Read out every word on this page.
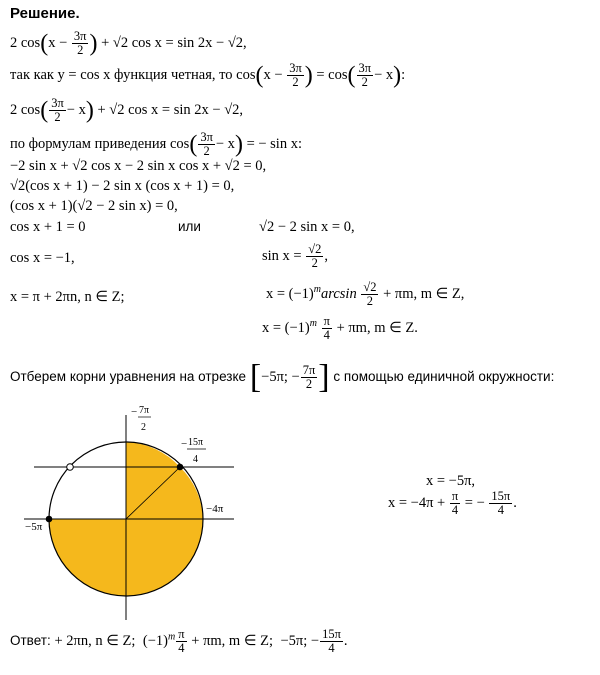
Решение.
2 $\cos(x - \frac{3\pi}{2}$ ) + √2 cos x = sin 2x − √2,
так как y = cos x функция четная, то $\cos(x - \frac{3\pi}{2}$ ) = $\cos( \frac{3\pi}{2} - x)$:
2 $\cos( \frac{3\pi}{2} - x) + √2$ cos x = sin 2x − √2,
по формулам приведения $\cos( \frac{3\pi}{2} - x)$ = − sin x:
−2 sin x + √2 cos x − 2 sin x cos x + √2 = 0,
√2(cos x + 1) − 2 sin x (cos x + 1) = 0,
(cos x + 1)(√2 − 2 sin x) = 0,
cos x + 1 = 0	или	√2 − 2 sin x = 0,
cos x = −1,	$\sin x = \frac{√2}{2}$ ,
x = π + 2πn, n ∈ Z;	$x = (-1)^m\arcsin \frac{√2}{2} + \pi m$, m ∈ Z,
$x = (-1)^m \frac{\pi}{4} + \pi m$, m ∈ Z.
Отберем корни уравнения на отрезке [−5π; − $\frac{7\pi}{2}$ ] с помощью единичной окружности:
− 7π
2
− 15π
4
−4π
−5π
x = −5π,
$x = -4\pi + \frac{\pi}{4}$ = − $\frac{15\pi}{4}$ .
Ответ: + 2πn, n ∈ Z; $(-1)^m \frac{\pi}{4} + \pi m$, m ∈ Z; −5π; − $\frac{15\pi}{4}$ .
